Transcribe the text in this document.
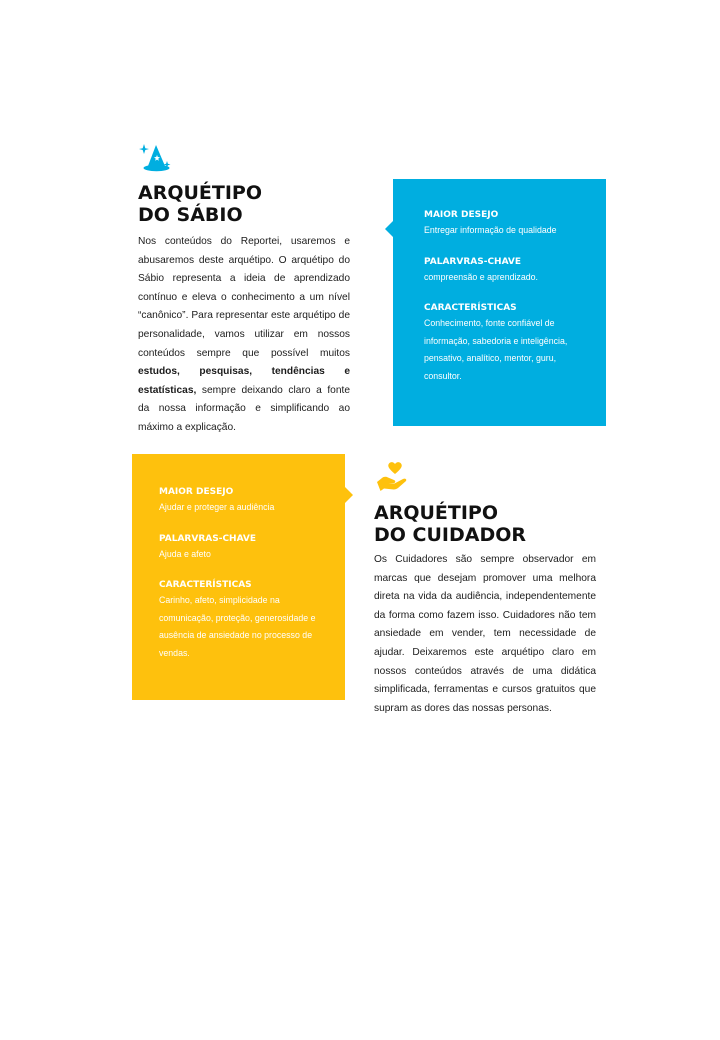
ARQUÉTIPO

DO SÁBIO

Nos conteúdos do Reportei, usaremos e abusaremos deste arquétipo. O arquétipo do Sábio representa a ideia de aprendizado contínuo e eleva o conhecimento a um nível “canônico”. Para representar este arquétipo de personalidade, vamos utilizar em nossos conteúdos sempre que possível muitos estudos, pesquisas, tendências e estatísticas, sempre deixando claro a fonte da nossa informação e simplificando ao máximo a explicação.

MAIOR DESEJO

Entregar informação de qualidade

PALARVRAS-CHAVE

compreensão e aprendizado.

CARACTERÍSTICAS

Conhecimento, fonte confiável de informação, sabedoria e inteligência, pensativo, analítico, mentor, guru, consultor.

MAIOR DESEJO

Ajudar e proteger a audiência

PALARVRAS-CHAVE

Ajuda e afeto

CARACTERÍSTICAS

Carinho, afeto, simplicidade na comunicação, proteção, generosidade e ausência de ansiedade no processo de vendas.

ARQUÉTIPO

DO CUIDADOR

Os Cuidadores são sempre observador em marcas que desejam promover uma melhora direta na vida da audiência, independentemente da forma como fazem isso. Cuidadores não tem ansiedade em vender, tem necessidade de ajudar. Deixaremos este arquétipo claro em nossos conteúdos através de uma didática simplificada, ferramentas e cursos gratuitos que supram as dores das nossas personas.
